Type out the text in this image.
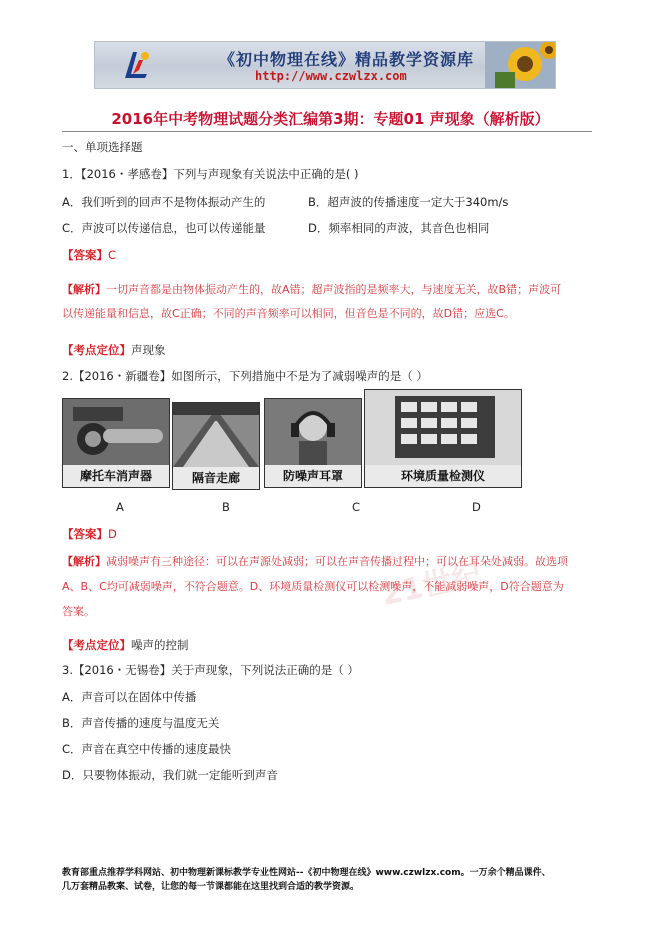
《初中物理在线》精品教学资源库
http://www.czwlzx.com
2016年中考物理试题分类汇编第3期：专题01 声现象（解析版）
一、单项选择题
1．【2016・孝感卷】下列与声现象有关说法中正确的是( )
A．我们听到的回声不是物体振动产生的	B．超声波的传播速度一定大于340m/s
C．声波可以传递信息，也可以传递能量	D．频率相同的声波，其音色也相同
【答案】C
【解析】一切声音都是由物体振动产生的，故A错；超声波指的是频率大，与速度无关，故B错；声波可
以传递能量和信息，故C正确；不同的声音频率可以相同，但音色是不同的，故D错；应选C。
【考点定位】声现象
2.【2016・新疆卷】如图所示，下列措施中不是为了减弱噪声的是（ ）
摩托车消声器	隔音走廊	防噪声耳罩	环境质量检测仪
A	B	C	D
【答案】D
21世纪
【解析】减弱噪声有三种途径：可以在声源处减弱；可以在声音传播过程中；可以在耳朵处减弱。故选项
A、B、C均可减弱噪声，不符合题意。D、环境质量检测仪可以检测噪声，不能减弱噪声，D符合题意为
答案。
【考点定位】噪声的控制
3.【2016・无锡卷】关于声现象，下列说法正确的是（ ）
A．声音可以在固体中传播
B．声音传播的速度与温度无关
C．声音在真空中传播的速度最快
D．只要物体振动，我们就一定能听到声音
教育部重点推荐学科网站、初中物理新课标教学专业性网站--《初中物理在线》www.czwlzx.com。一万余个精品课件、
几万套精品教案、试卷，让您的每一节课都能在这里找到合适的教学资源。
